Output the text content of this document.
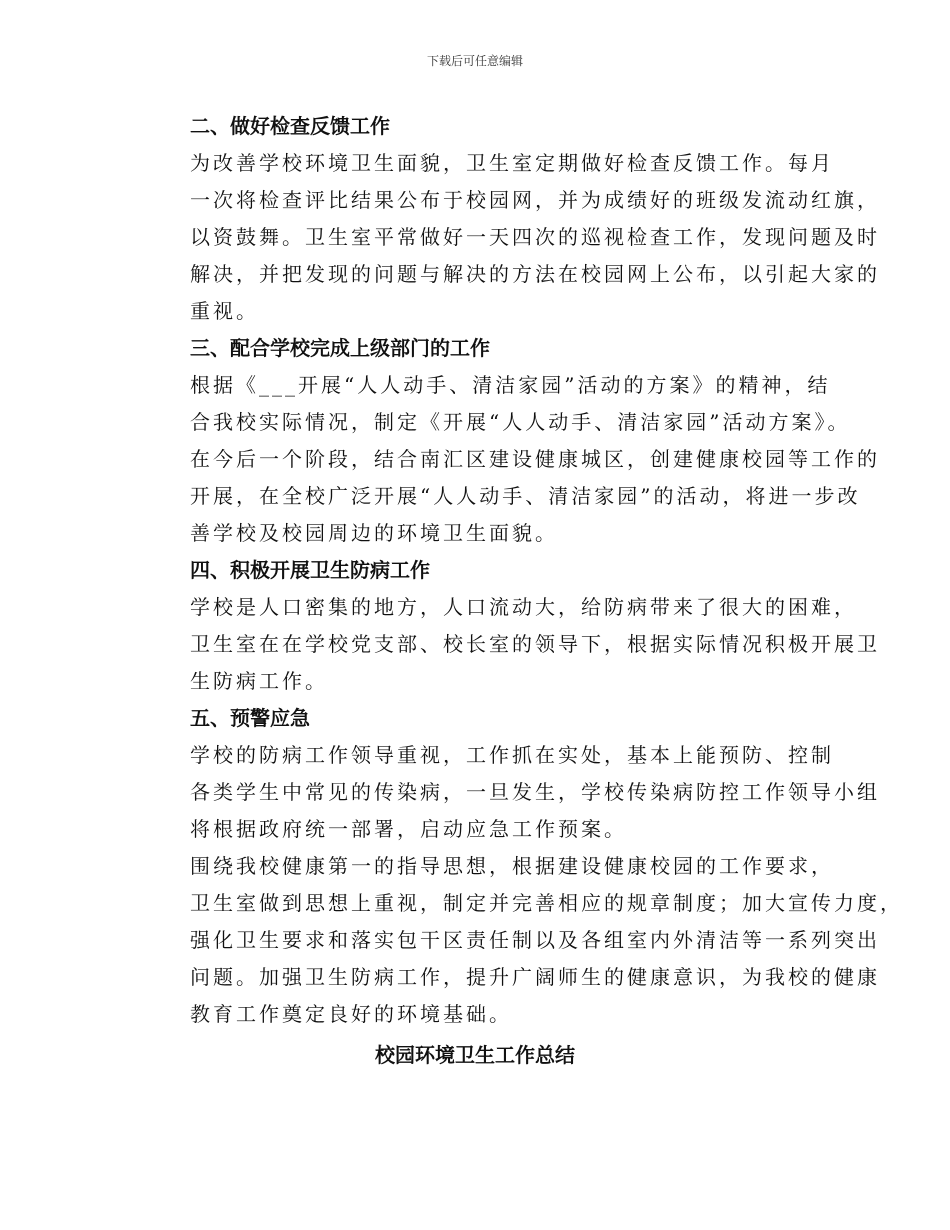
下载后可任意编辑
二、做好检查反馈工作

为改善学校环境卫生面貌，卫生室定期做好检查反馈工作。每月
一次将检查评比结果公布于校园网，并为成绩好的班级发流动红旗，
以资鼓舞。卫生室平常做好一天四次的巡视检查工作，发现问题及时
解决，并把发现的问题与解决的方法在校园网上公布，以引起大家的
重视。

三、配合学校完成上级部门的工作

根据《___开展“人人动手、清洁家园”活动的方案》的精神，结
合我校实际情况，制定《开展“人人动手、清洁家园”活动方案》。
在今后一个阶段，结合南汇区建设健康城区，创建健康校园等工作的
开展，在全校广泛开展“人人动手、清洁家园”的活动，将进一步改
善学校及校园周边的环境卫生面貌。

四、积极开展卫生防病工作

学校是人口密集的地方，人口流动大，给防病带来了很大的困难，
卫生室在在学校党支部、校长室的领导下，根据实际情况积极开展卫
生防病工作。

五、预警应急

学校的防病工作领导重视，工作抓在实处，基本上能预防、控制
各类学生中常见的传染病，一旦发生，学校传染病防控工作领导小组
将根据政府统一部署，启动应急工作预案。

围绕我校健康第一的指导思想，根据建设健康校园的工作要求，
卫生室做到思想上重视，制定并完善相应的规章制度；加大宣传力度，
强化卫生要求和落实包干区责任制以及各组室内外清洁等一系列突出
问题。加强卫生防病工作，提升广阔师生的健康意识，为我校的健康
教育工作奠定良好的环境基础。

校园环境卫生工作总结
